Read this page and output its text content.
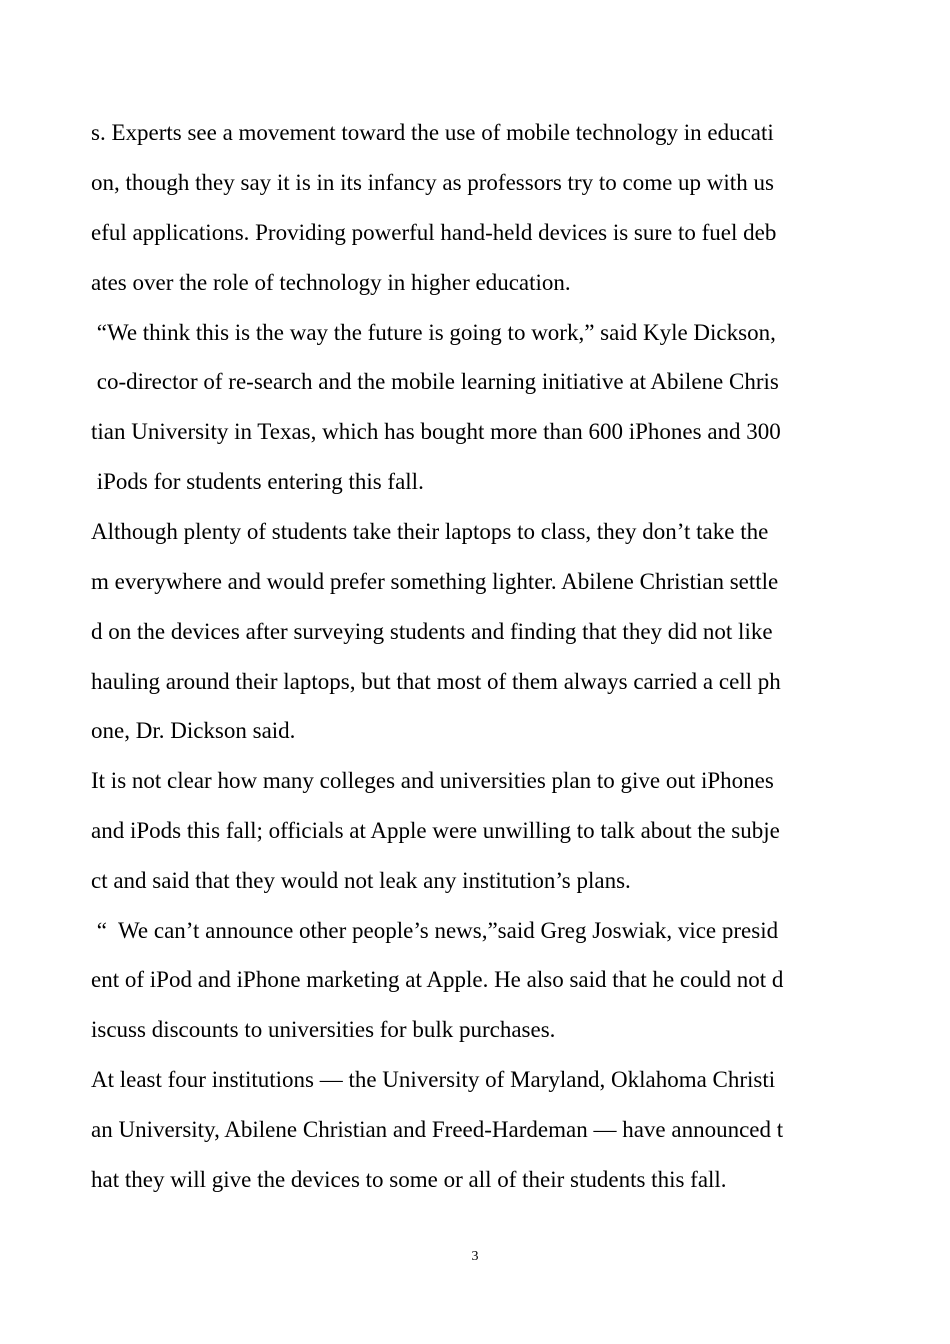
s. Experts see a movement toward the use of mobile technology in educati
on, though they say it is in its infancy as professors try to come up with us
eful applications. Providing powerful hand-held devices is sure to fuel deb
ates over the role of technology in higher education.
“We think this is the way the future is going to work,” said Kyle Dickson,
co-director of re-search and the mobile learning initiative at Abilene Chris
tian University in Texas, which has bought more than 600 iPhones and 300
iPods for students entering this fall.
Although plenty of students take their laptops to class, they don’t take the
m everywhere and would prefer something lighter. Abilene Christian settle
d on the devices after surveying students and finding that they did not like
hauling around their laptops, but that most of them always carried a cell ph
one, Dr. Dickson said.
It is not clear how many colleges and universities plan to give out iPhones
and iPods this fall; officials at Apple were unwilling to talk about the subje
ct and said that they would not leak any institution’s plans.
“  We can’t announce other people’s news,”said Greg Joswiak, vice presid
ent of iPod and iPhone marketing at Apple. He also said that he could not d
iscuss discounts to universities for bulk purchases.
At least four institutions — the University of Maryland, Oklahoma Christi
an University, Abilene Christian and Freed-Hardeman — have announced t
hat they will give the devices to some or all of their students this fall.
3
